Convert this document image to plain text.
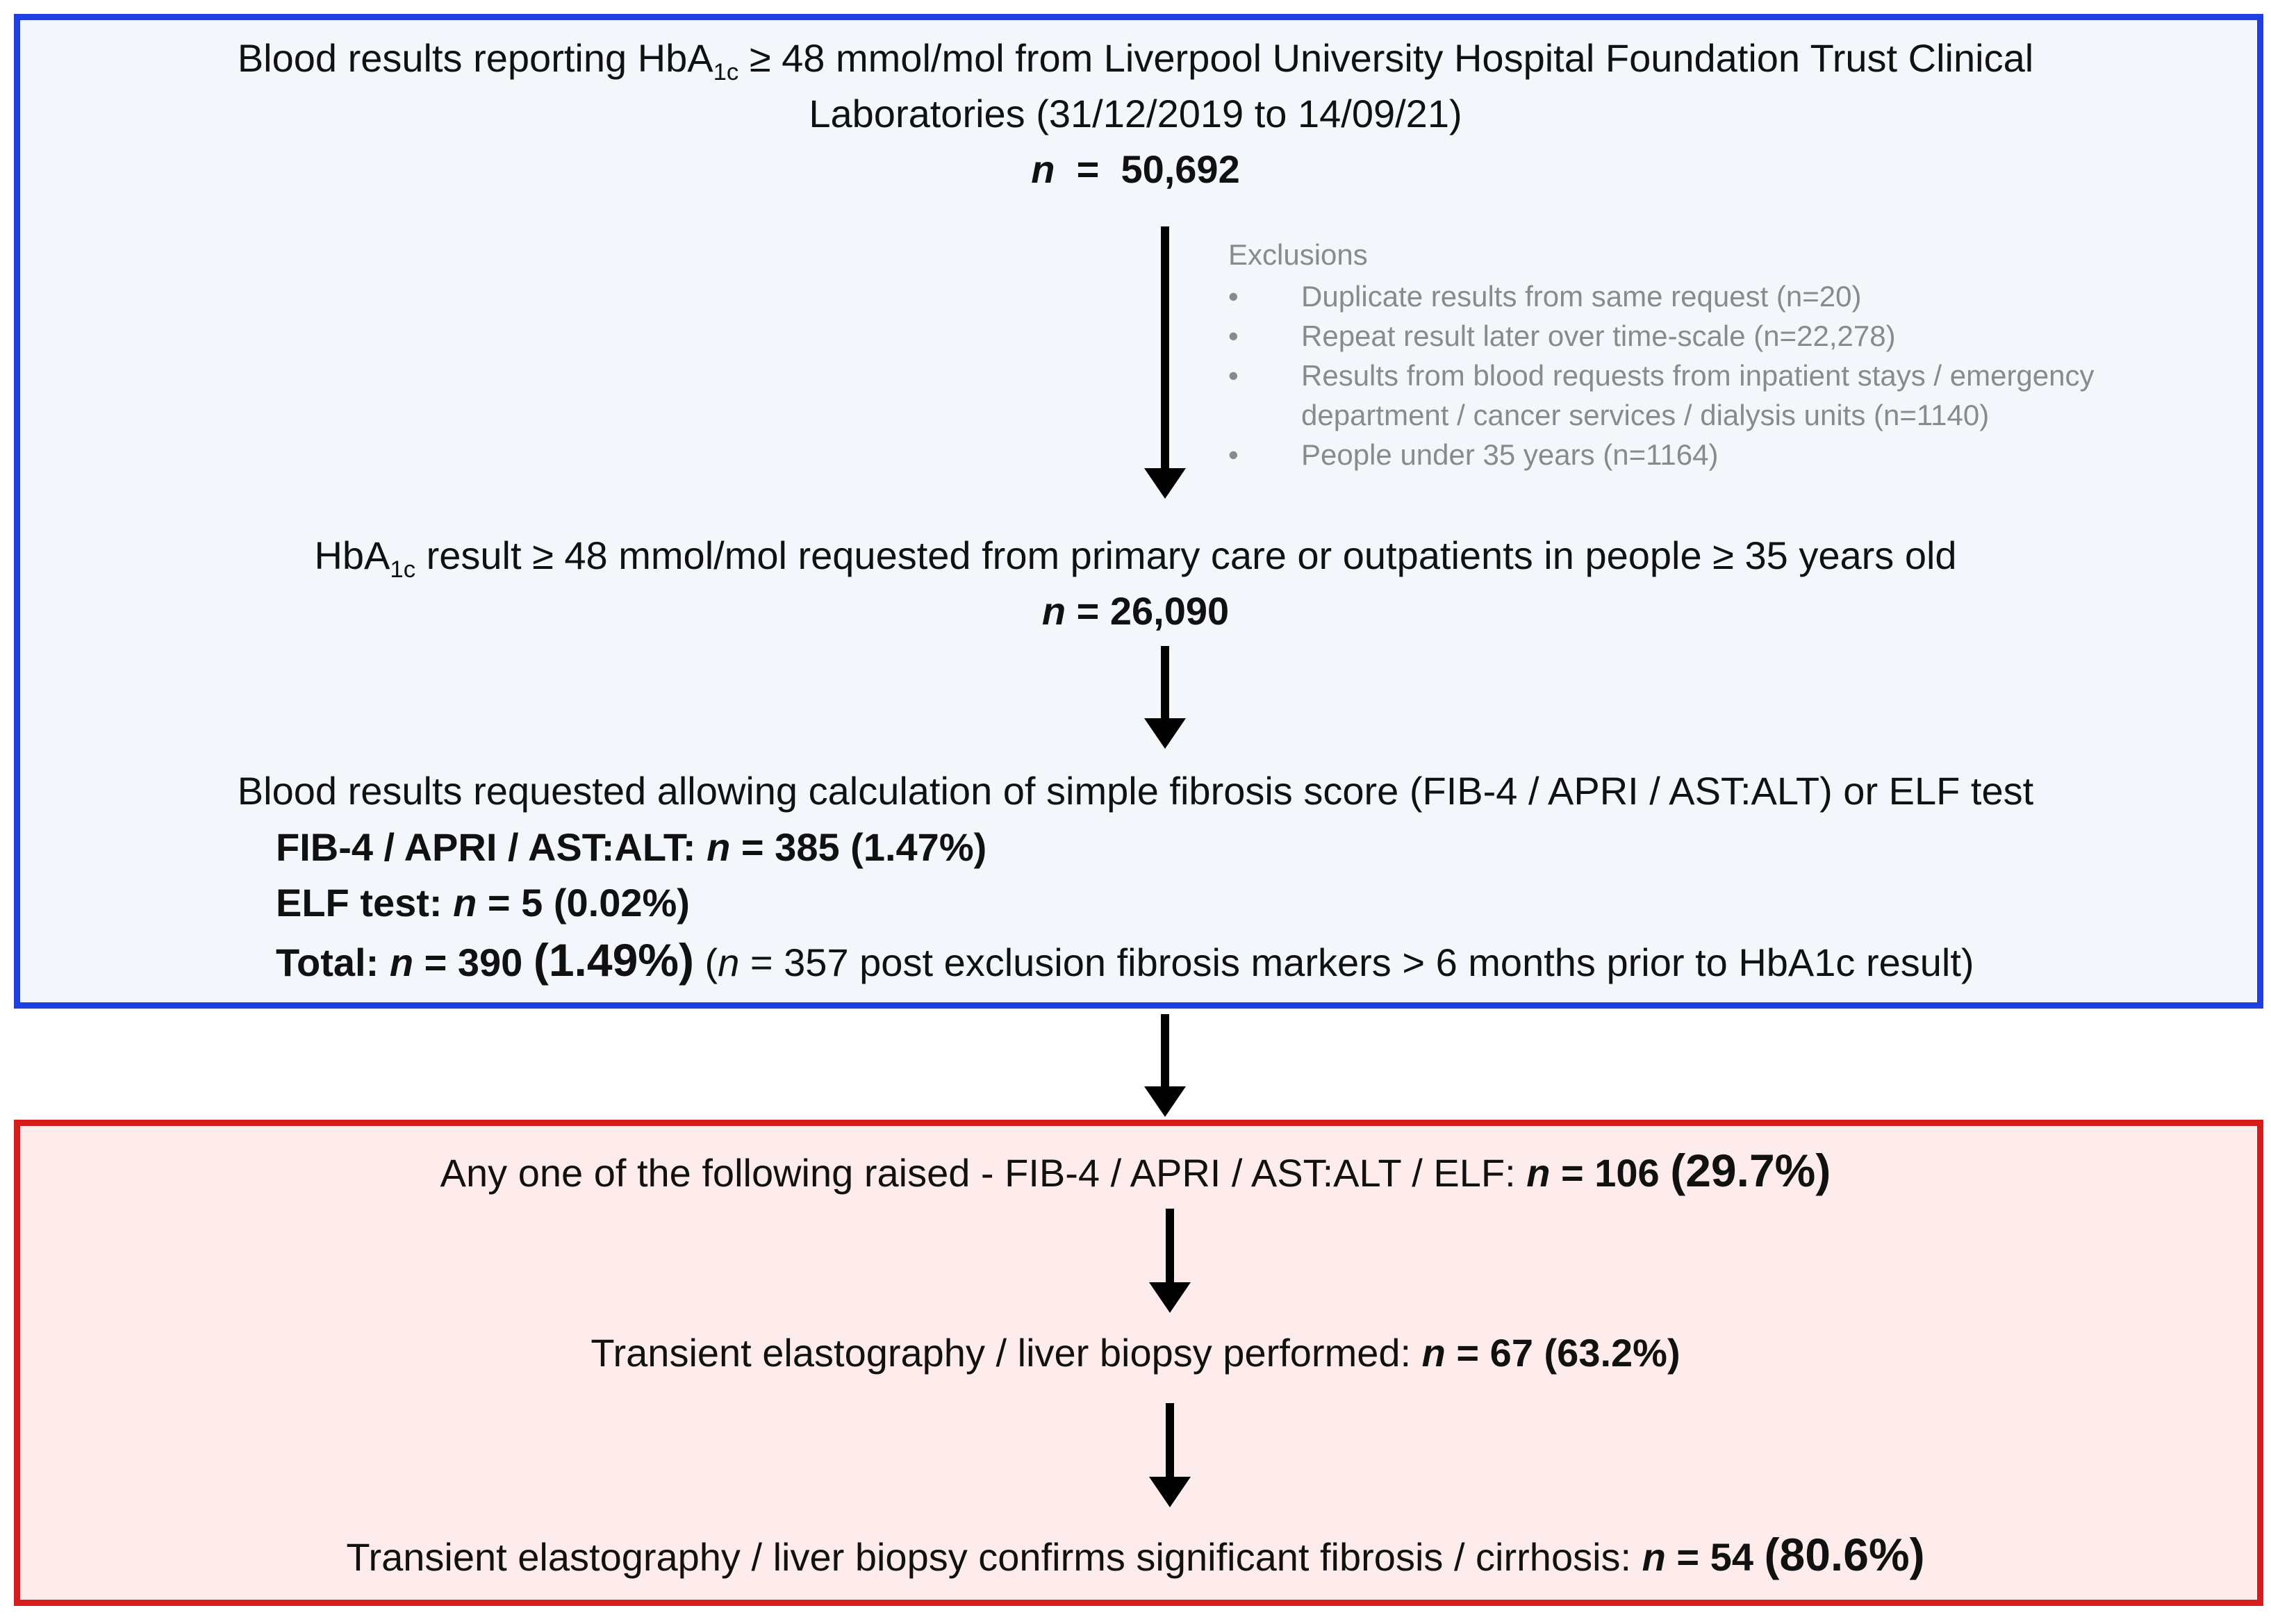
Blood results reporting HbA$_{1c}$ ≥ 48 mmol/mol from Liverpool University Hospital Foundation Trust Clinical
Laboratories (31/12/2019 to 14/09/21)
n  =  50,692
Exclusions
• Duplicate results from same request (n=20)
• Repeat result later over time-scale (n=22,278)
• Results from blood requests from inpatient stays / emergency
department / cancer services / dialysis units (n=1140)
• People under 35 years (n=1164)
HbA$_{1c}$ result ≥ 48 mmol/mol requested from primary care or outpatients in people ≥ 35 years old
n = 26,090
Blood results requested allowing calculation of simple fibrosis score (FIB-4 / APRI / AST:ALT) or ELF test
FIB-4 / APRI / AST:ALT: n = 385 (1.47%)
ELF test: n = 5 (0.02%)
Total: n = 390 (1.49%) (n = 357 post exclusion fibrosis markers > 6 months prior to HbA1c result)
Any one of the following raised - FIB-4 / APRI / AST:ALT / ELF: n = 106 (29.7%)
Transient elastography / liver biopsy performed: n = 67 (63.2%)
Transient elastography / liver biopsy confirms significant fibrosis / cirrhosis: n = 54 (80.6%)
